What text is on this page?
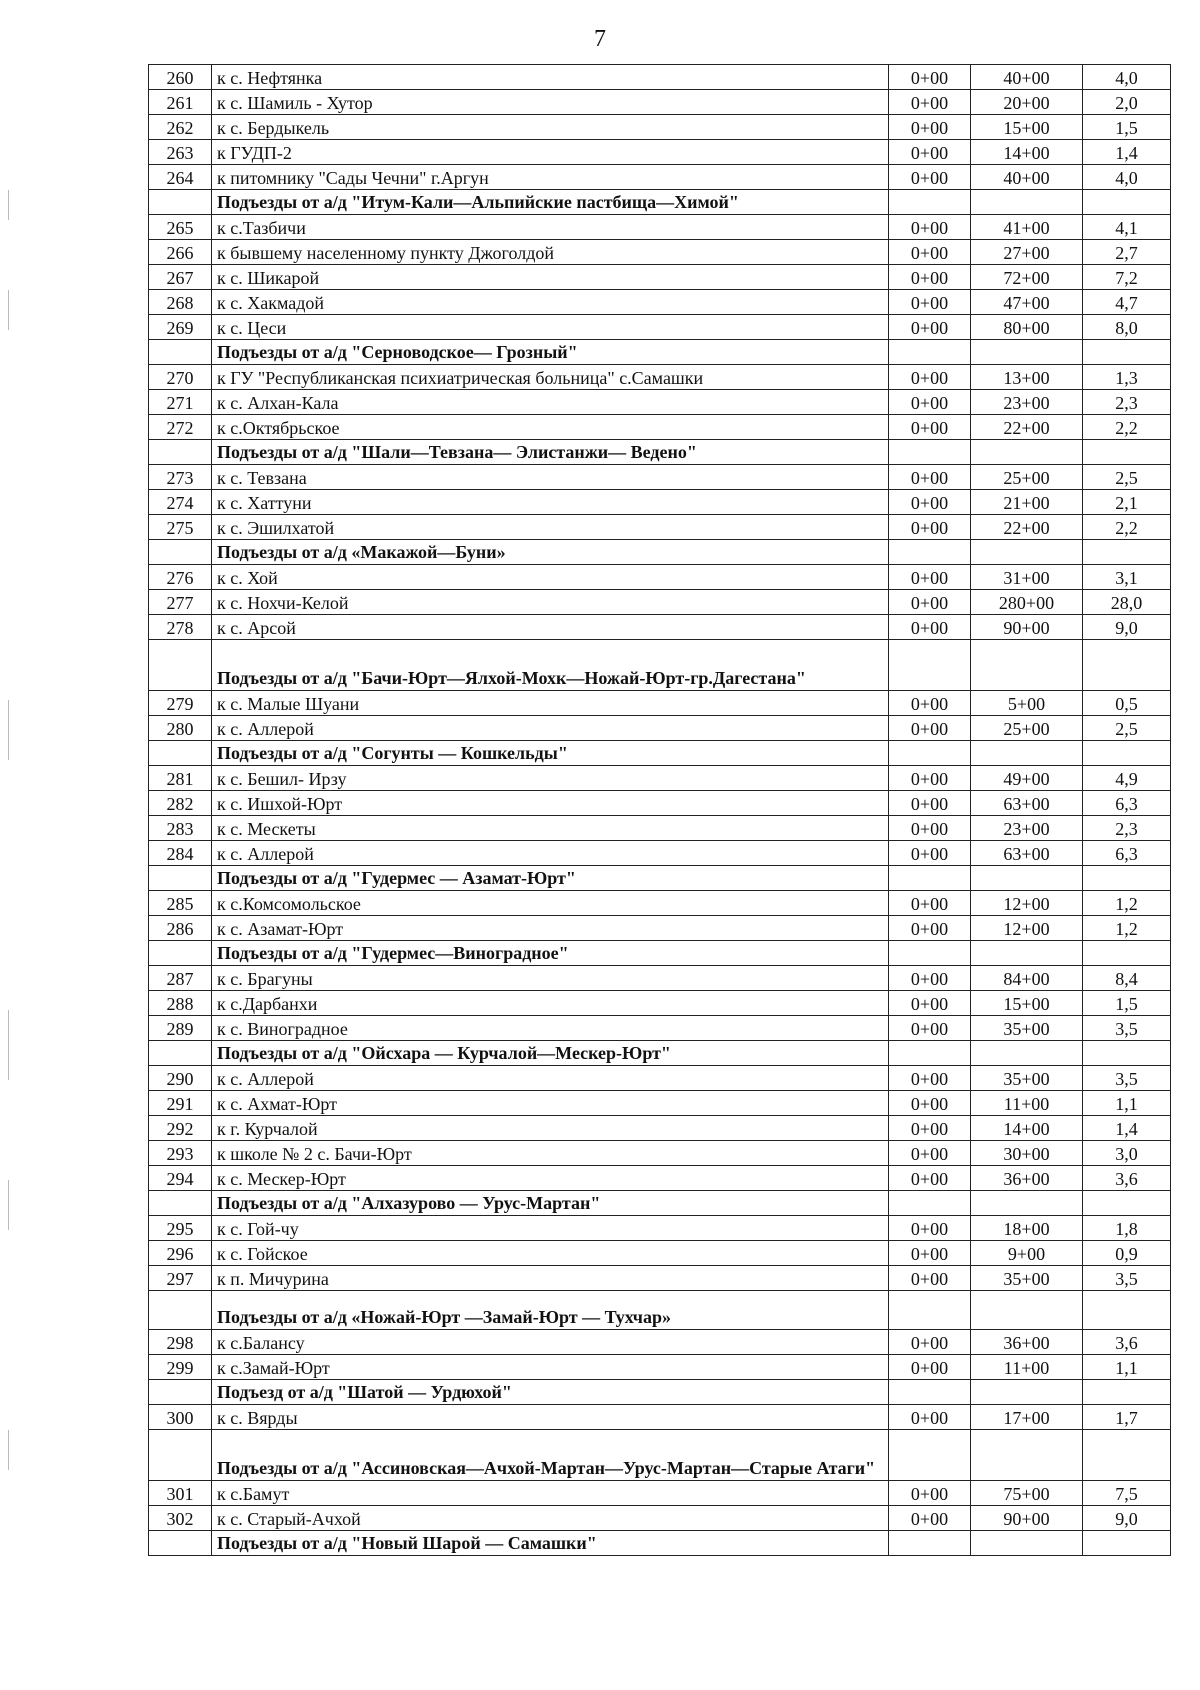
7
260	к с. Нефтянка	0+00	40+00	4,0
261	к с. Шамиль - Хутор	0+00	20+00	2,0
262	к с. Бердыкель	0+00	15+00	1,5
263	к ГУДП-2	0+00	14+00	1,4
264	к питомнику "Сады Чечни" г.Аргун	0+00	40+00	4,0
	Подъезды от а/д "Итум-Кали—Альпийские пастбища—Химой"			
265	к с.Тазбичи	0+00	41+00	4,1
266	к бывшему населенному пункту Джоголдой	0+00	27+00	2,7
267	к с. Шикарой	0+00	72+00	7,2
268	к с. Хакмадой	0+00	47+00	4,7
269	к с. Цеси	0+00	80+00	8,0
	Подъезды от а/д "Серноводское— Грозный"			
270	к ГУ "Республиканская психиатрическая больница" с.Самашки	0+00	13+00	1,3
271	к с. Алхан-Кала	0+00	23+00	2,3
272	к с.Октябрьское	0+00	22+00	2,2
	Подъезды от а/д "Шали—Тевзана— Элистанжи— Ведено"			
273	к с. Тевзана	0+00	25+00	2,5
274	к с. Хаттуни	0+00	21+00	2,1
275	к с. Эшилхатой	0+00	22+00	2,2
	Подъезды от а/д «Макажой—Буни»			
276	к с. Хой	0+00	31+00	3,1
277	к с. Нохчи-Келой	0+00	280+00	28,0
278	к с. Арсой	0+00	90+00	9,0
	Подъезды от а/д "Бачи-Юрт—Ялхой-Мохк—Ножай-Юрт-гр.Дагестана"			
279	к с. Малые Шуани	0+00	5+00	0,5
280	к с. Аллерой	0+00	25+00	2,5
	Подъезды от а/д "Согунты — Кошкельды"			
281	к с. Бешил- Ирзу	0+00	49+00	4,9
282	к с. Ишхой-Юрт	0+00	63+00	6,3
283	к с. Мескеты	0+00	23+00	2,3
284	к с. Аллерой	0+00	63+00	6,3
	Подъезды от а/д "Гудермес — Азамат-Юрт"			
285	к с.Комсомольское	0+00	12+00	1,2
286	к с. Азамат-Юрт	0+00	12+00	1,2
	Подъезды от а/д "Гудермес—Виноградное"			
287	к с. Брагуны	0+00	84+00	8,4
288	к с.Дарбанхи	0+00	15+00	1,5
289	к с. Виноградное	0+00	35+00	3,5
	Подъезды от а/д "Ойсхара — Курчалой—Мескер-Юрт"			
290	к с. Аллерой	0+00	35+00	3,5
291	к с. Ахмат-Юрт	0+00	11+00	1,1
292	к г. Курчалой	0+00	14+00	1,4
293	к школе № 2 с. Бачи-Юрт	0+00	30+00	3,0
294	к с. Мескер-Юрт	0+00	36+00	3,6
	Подъезды от а/д "Алхазурово — Урус-Мартан"			
295	к с. Гой-чу	0+00	18+00	1,8
296	к с. Гойское	0+00	9+00	0,9
297	к п. Мичурина	0+00	35+00	3,5
	Подъезды от а/д «Ножай-Юрт —Замай-Юрт — Тухчар»			
298	к с.Балансу	0+00	36+00	3,6
299	к с.Замай-Юрт	0+00	11+00	1,1
	Подъезд от а/д "Шатой — Урдюхой"			
300	к с. Вярды	0+00	17+00	1,7
	Подъезды от а/д "Ассиновская—Ачхой-Мартан—Урус-Мартан—Старые Атаги"			
301	к с.Бамут	0+00	75+00	7,5
302	к с. Старый-Ачхой	0+00	90+00	9,0
	Подъезды от а/д "Новый Шарой — Самашки"			
